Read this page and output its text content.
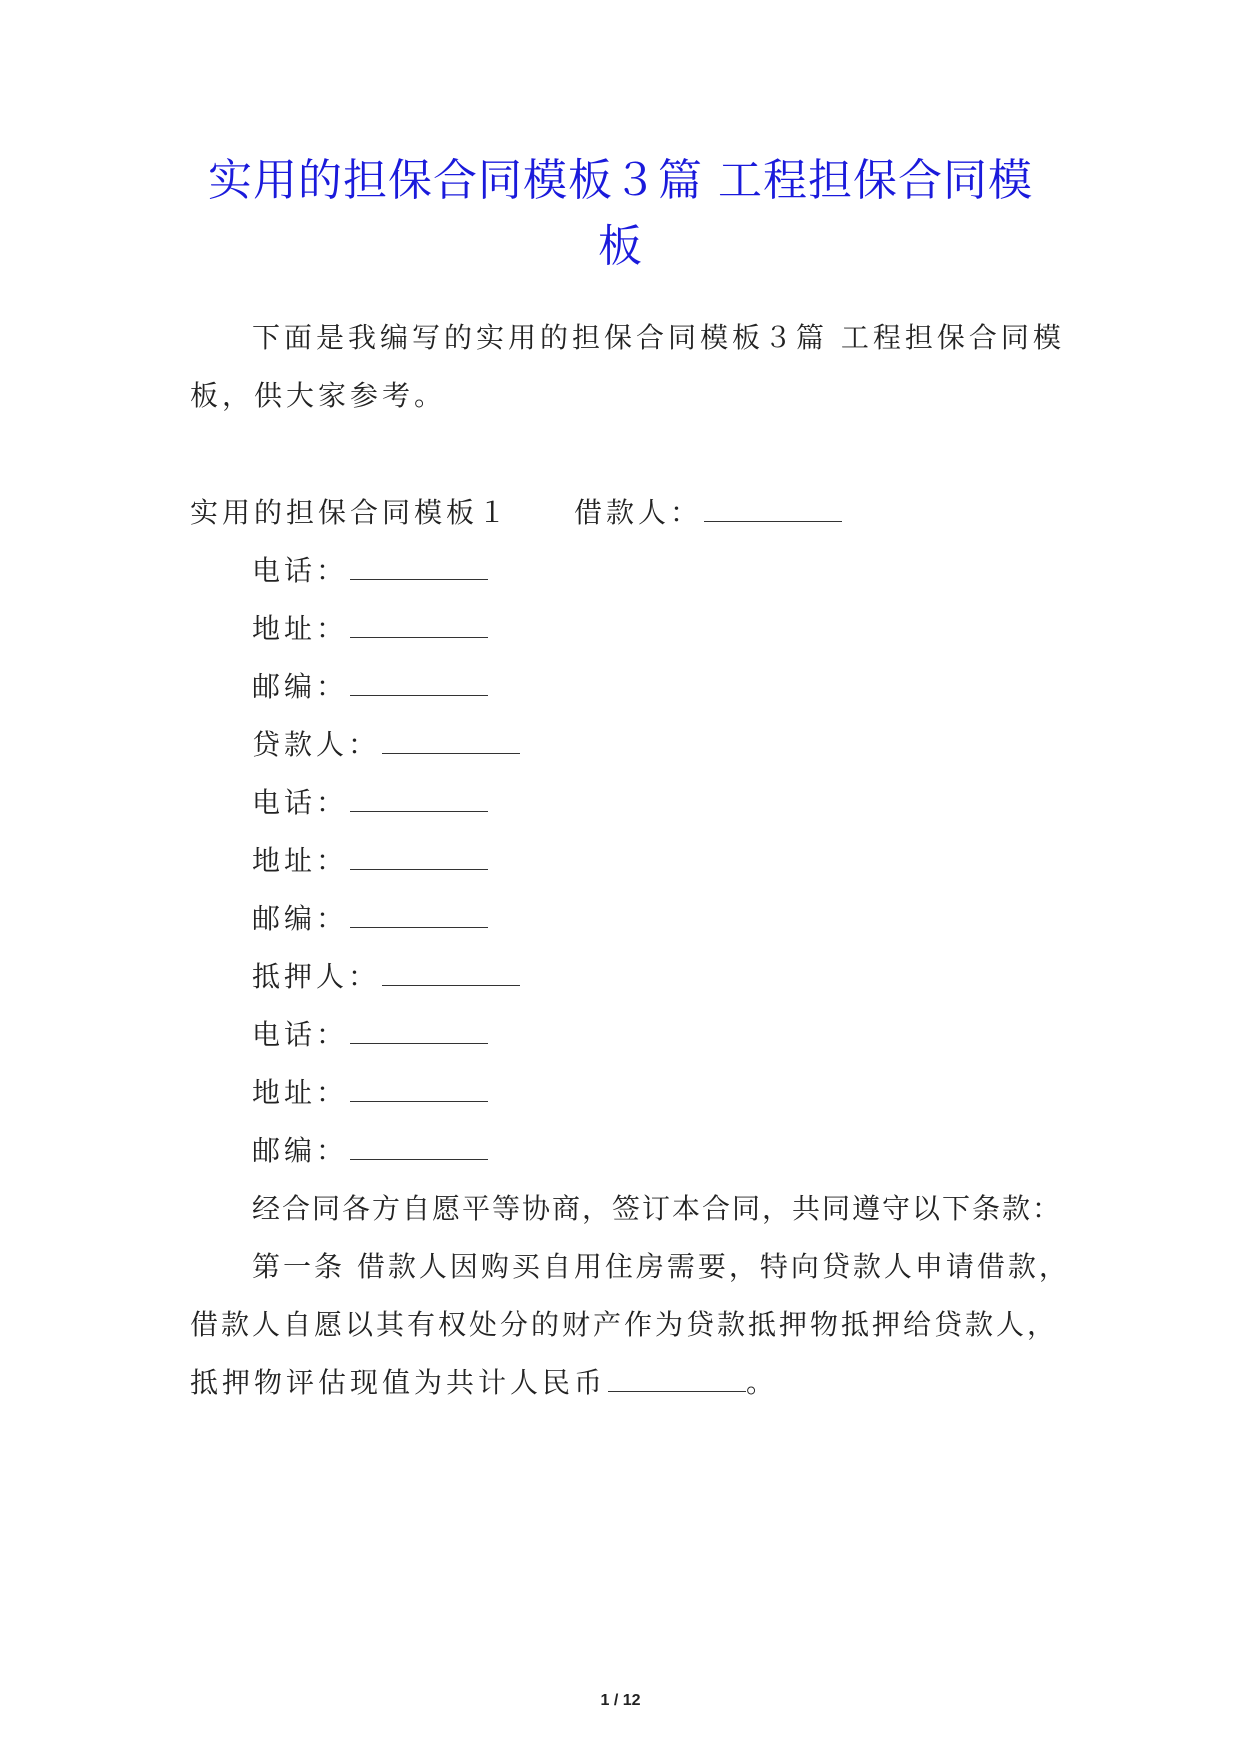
实用的担保合同模板３篇 工程担保合同模
板

下面是我编写的实用的担保合同模板３篇 工程担保合同模

板，供大家参考。

实用的担保合同模板１ 借款人：

电话：

地址：

邮编：

贷款人：

电话：

地址：

邮编：

抵押人：

电话：

地址：

邮编：

经合同各方自愿平等协商，签订本合同，共同遵守以下条款：

第一条 借款人因购买自用住房需要，特向贷款人申请借款，

借款人自愿以其有权处分的财产作为贷款抵押物抵押给贷款人，

抵押物评估现值为共计人民币	。

1 / 12
